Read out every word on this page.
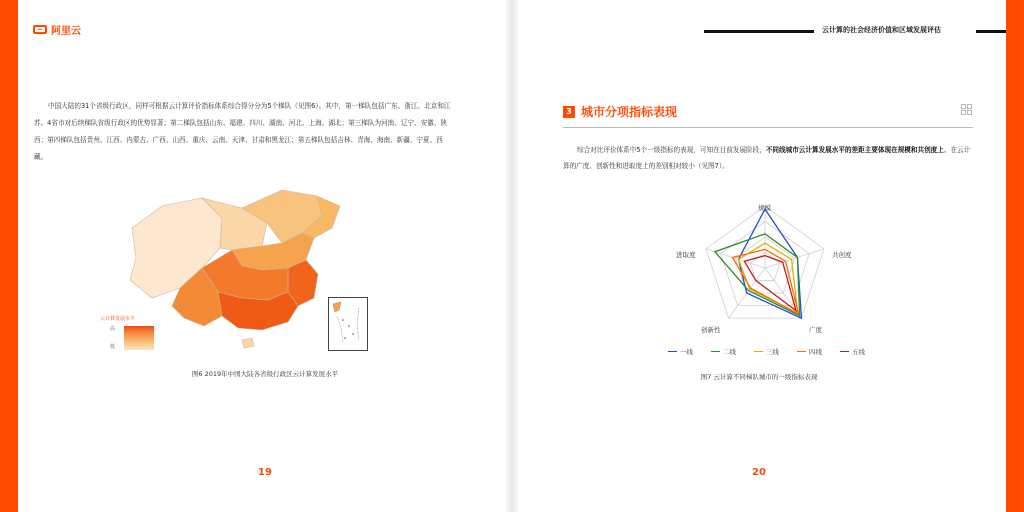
云计算发展水平
高
低
图6 2019年中国大陆各省级行政区云计算发展水平
19
阿里云

中国大陆的31个省级行政区，同样可根据云计算评价指标体系综合得分分为5个梯队（见图6）。其中，第一梯队包括广东、浙江、北京和江苏。4省市对后续梯队省级行政区的优势显著；第二梯队包括山东、福建、四川、湖南、河北、上海、湖北；第三梯队为河南、辽宁、安徽、陕西；第四梯队包括贵州、江西、内蒙古、广西、山西、重庆、云南、天津、甘肃和黑龙江；第五梯队包括吉林、青海、海南、新疆、宁夏、西藏。

图7 云计算不同梯队城市的一级指标表现
20
云计算的社会经济价值和区域发展评估
3 城市分项指标表现

综合对比评价体系中5个一级指标的表现，可知在目前发展阶段，不同线城市云计算发展水平的差距主要体现在规模和共创度上。在云计算的广度、创新性和进取度上的差别相对较小（见图7）。

规模
共创度
广度
创新性
进取度
一线	二线	三线	四线	五线
